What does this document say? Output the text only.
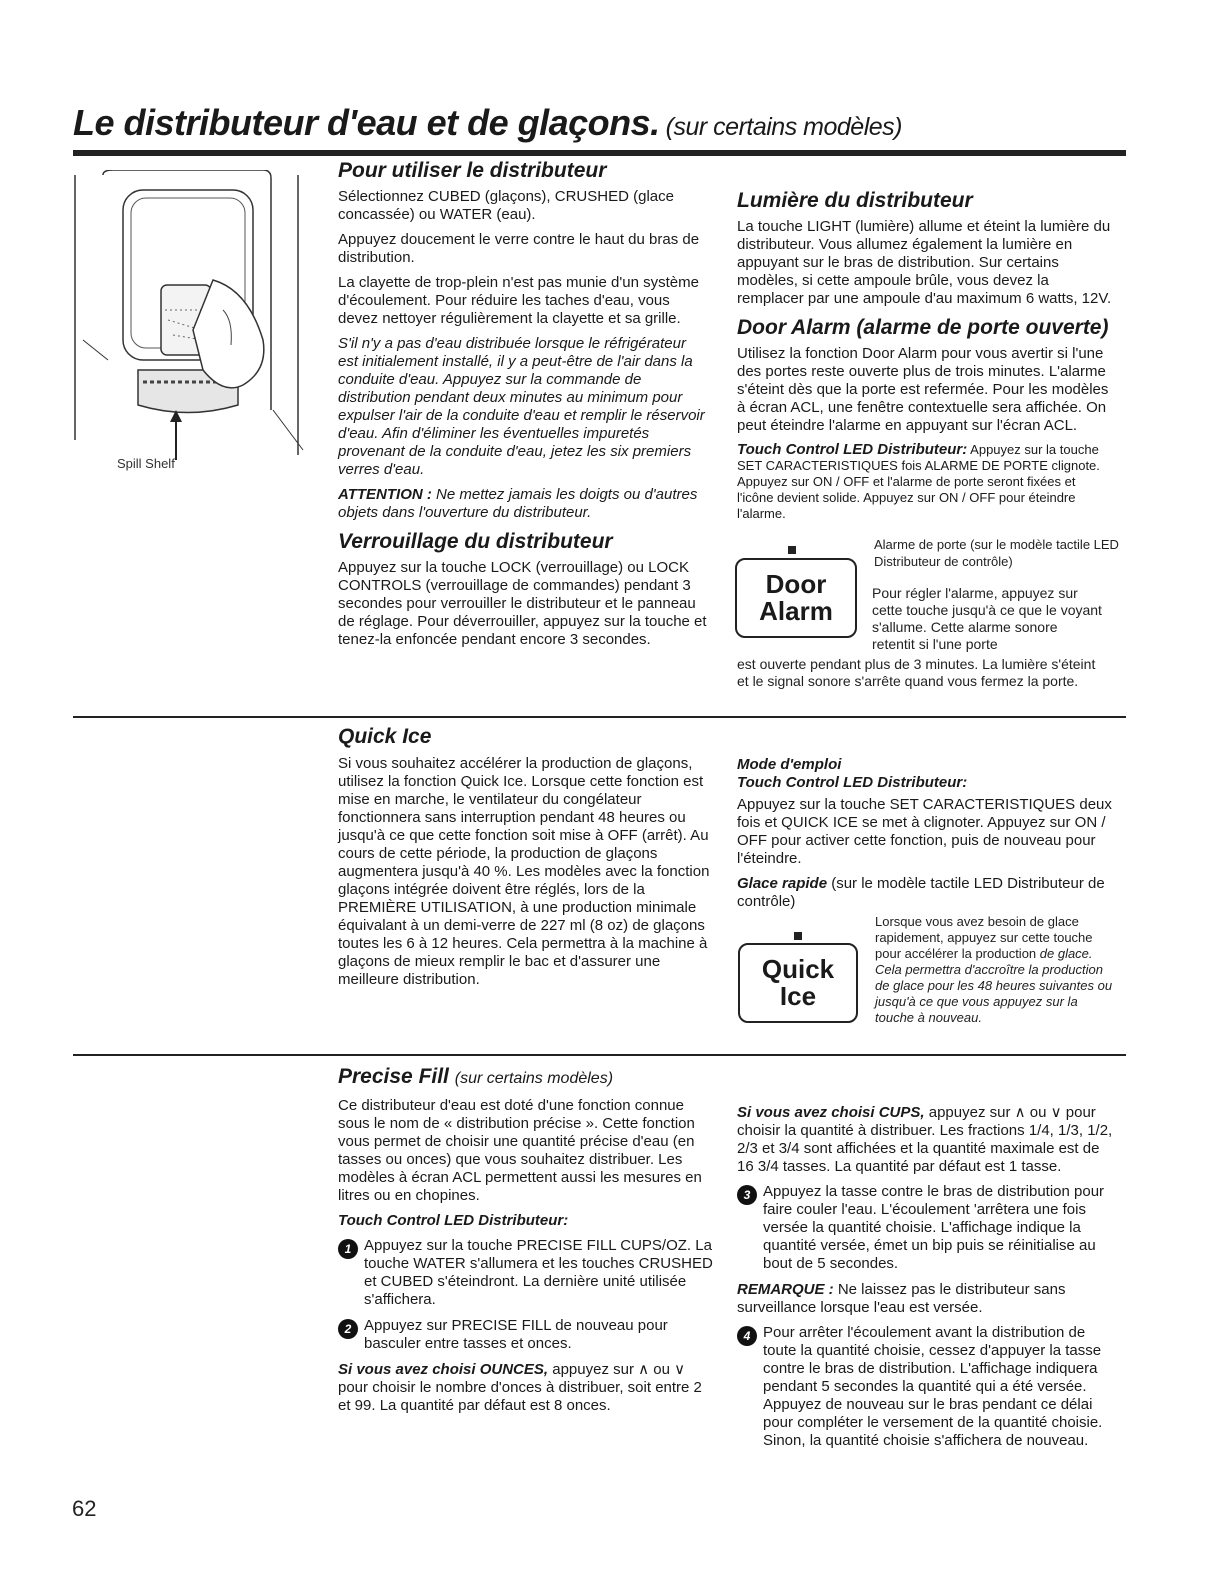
Le distributeur d'eau et de glaçons. (sur certains modèles)
Spill Shelf
Pour utiliser le distributeur

Sélectionnez CUBED (glaçons), CRUSHED (glace concassée) ou WATER (eau).

Appuyez doucement le verre contre le haut du bras de distribution.

La clayette de trop-plein n'est pas munie d'un système d'écoulement. Pour réduire les taches d'eau, vous devez nettoyer régulièrement la clayette et sa grille.

S'il n'y a pas d'eau distribuée lorsque le réfrigérateur est initialement installé, il y a peut-être de l'air dans la conduite d'eau. Appuyez sur la commande de distribution pendant deux minutes au minimum pour expulser l'air de la conduite d'eau et remplir le réservoir d'eau. Afin d'éliminer les éventuelles impuretés provenant de la conduite d'eau, jetez les six premiers verres d'eau.

ATTENTION : Ne mettez jamais les doigts ou d'autres objets dans l'ouverture du distributeur.

Verrouillage du distributeur

Appuyez sur la touche LOCK (verrouillage) ou LOCK CONTROLS (verrouillage de commandes) pendant 3 secondes pour verrouiller le distributeur et le panneau de réglage. Pour déverrouiller, appuyez sur la touche et tenez-la enfoncée pendant encore 3 secondes.

Lumière du distributeur

La touche LIGHT (lumière) allume et éteint la lumière du distributeur. Vous allumez également la lumière en appuyant sur le bras de distribution. Sur certains modèles, si cette ampoule brûle, vous devez la remplacer par une ampoule d'au maximum 6 watts, 12V.

Door Alarm (alarme de porte ouverte)

Utilisez la fonction Door Alarm pour vous avertir si l'une des portes reste ouverte plus de trois minutes. L'alarme s'éteint dès que la porte est refermée. Pour les modèles à écran ACL, une fenêtre contextuelle sera affichée. On peut éteindre l'alarme en appuyant sur l'écran ACL.

Touch Control LED Distributeur: Appuyez sur la touche SET CARACTERISTIQUES fois ALARME DE PORTE clignote. Appuyez sur ON / OFF et l'alarme de porte seront fixées et l'icône devient solide. Appuyez sur ON / OFF pour éteindre l'alarme.

Alarme de porte (sur le modèle tactile LED Distributeur de contrôle)
Door
Alarm
Pour régler l'alarme, appuyez sur cette touche jusqu'à ce que le voyant s'allume. Cette alarme sonore retentit si l'une porte
est ouverte pendant plus de 3 minutes. La lumière s'éteint et le signal sonore s'arrête quand vous fermez la porte.
Quick Ice

Si vous souhaitez accélérer la production de glaçons, utilisez la fonction Quick Ice. Lorsque cette fonction est mise en marche, le ventilateur du congélateur fonctionnera sans interruption pendant 48 heures ou jusqu'à ce que cette fonction soit mise à OFF (arrêt). Au cours de cette période, la production de glaçons augmentera jusqu'à 40 %. Les modèles avec la fonction glaçons intégrée doivent être réglés, lors de la PREMIÈRE UTILISATION, à une production minimale équivalant à un demi-verre de 227 ml (8 oz) de glaçons toutes les 6 à 12 heures. Cela permettra à la machine à glaçons de mieux remplir le bac et d'assurer une meilleure distribution.

Mode d'emploi
Touch Control LED Distributeur:

Appuyez sur la touche SET CARACTERISTIQUES deux fois et QUICK ICE se met à clignoter. Appuyez sur ON / OFF pour activer cette fonction, puis de nouveau pour l'éteindre.

Glace rapide (sur le modèle tactile LED Distributeur de contrôle)

Quick
Ice
Lorsque vous avez besoin de glace rapidement, appuyez sur cette touche pour accélérer la production de glace. Cela permettra d'accroître la production de glace pour les 48 heures suivantes ou jusqu'à ce que vous appuyez sur la touche à nouveau.
Precise Fill (sur certains modèles)

Ce distributeur d'eau est doté d'une fonction connue sous le nom de « distribution précise ». Cette fonction vous permet de choisir une quantité précise d'eau (en tasses ou onces) que vous souhaitez distribuer. Les modèles à écran ACL permettent aussi les mesures en litres ou en chopines.

Touch Control LED Distributeur:

1 Appuyez sur la touche PRECISE FILL CUPS/OZ. La touche WATER s'allumera et les touches CRUSHED et CUBED s'éteindront. La dernière unité utilisée s'affichera.
2 Appuyez sur PRECISE FILL de nouveau pour basculer entre tasses et onces.

Si vous avez choisi OUNCES, appuyez sur ∧ ou ∨ pour choisir le nombre d'onces à distribuer, soit entre 2 et 99. La quantité par défaut est 8 onces.

Si vous avez choisi CUPS, appuyez sur ∧ ou ∨ pour choisir la quantité à distribuer. Les fractions 1/4, 1/3, 1/2, 2/3 et 3/4 sont affichées et la quantité maximale est de 16 3/4 tasses. La quantité par défaut est 1 tasse.

3 Appuyez la tasse contre le bras de distribution pour faire couler l'eau. L'écoulement 'arrêtera une fois versée la quantité choisie. L'affichage indique la quantité versée, émet un bip puis se réinitialise au bout de 5 secondes.

REMARQUE : Ne laissez pas le distributeur sans surveillance lorsque l'eau est versée.

4 Pour arrêter l'écoulement avant la distribution de toute la quantité choisie, cessez d'appuyer la tasse contre le bras de distribution. L'affichage indiquera pendant 5 secondes la quantité qui a été versée. Appuyez de nouveau sur le bras pendant ce délai pour compléter le versement de la quantité choisie. Sinon, la quantité choisie s'affichera de nouveau.
62
